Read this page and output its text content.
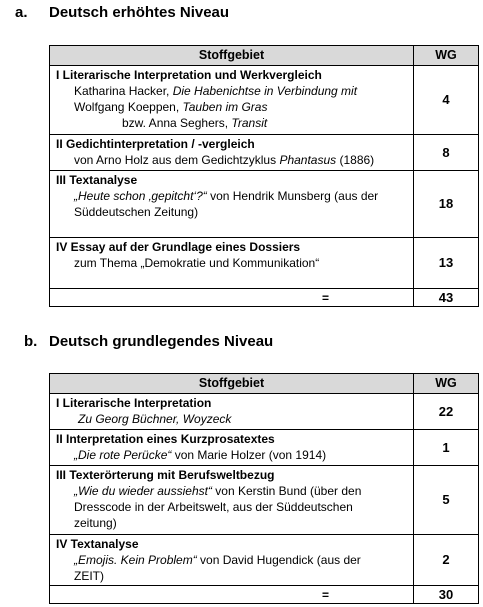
a. Deutsch erhöhtes Niveau
Stoffgebiet	WG

I Literarische Interpretation und Werkvergleich
Katharina Hacker, Die Habenichtse in Verbindung mit
Wolfgang Koeppen, Tauben im Gras
bzw. Anna Seghers, Transit	4

II Gedichtinterpretation / -vergleich
von Arno Holz aus dem Gedichtzyklus Phantasus (1886)	8

III Textanalyse
„Heute schon ‚gepitcht‘?“ von Hendrik Munsberg (aus der
Süddeutschen Zeitung)	18

IV Essay auf der Grundlage eines Dossiers
zum Thema „Demokratie und Kommunikation“	13
=	43
b. Deutsch grundlegendes Niveau
Stoffgebiet	WG

I Literarische Interpretation
Zu Georg Büchner, Woyzeck	22

II Interpretation eines Kurzprosatextes
„Die rote Perücke“ von Marie Holzer (von 1914)	1

III Texterörterung mit Berufsweltbezug
„Wie du wieder aussiehst“ von Kerstin Bund (über den
Dresscode in der Arbeitswelt, aus der Süddeutschen
zeitung)	5

IV Textanalyse
„Emojis. Kein Problem“ von David Hugendick (aus der
ZEIT)	2
=	30
